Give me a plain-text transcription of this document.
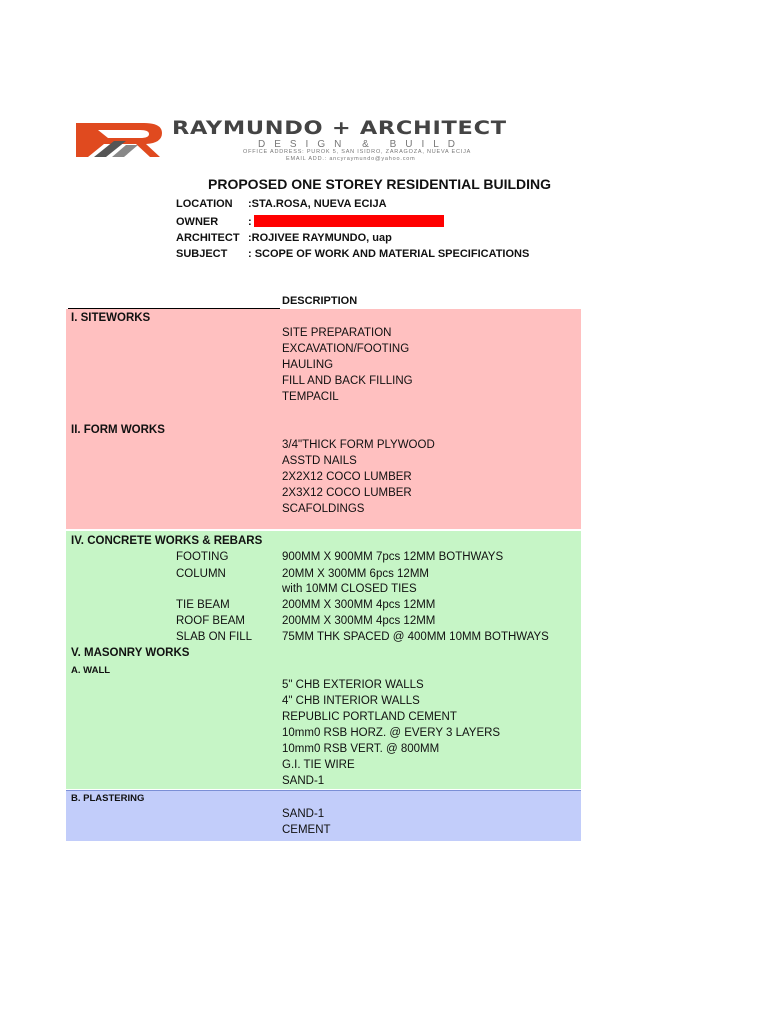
RAYMUNDO + ARCHITECT
DESIGN & BUILD
OFFICE ADDRESS: PUROK 5, SAN ISIDRO, ZARAGOZA, NUEVA ECIJA
EMAIL ADD.: ancyraymundo@yahoo.com
PROPOSED ONE STOREY RESIDENTIAL BUILDING
LOCATION :STA.ROSA, NUEVA ECIJA
OWNER	:
ARCHITECT :ROJIVEE RAYMUNDO, uap
SUBJECT : SCOPE OF WORK AND MATERIAL SPECIFICATIONS
DESCRIPTION
I. SITEWORKS
SITE PREPARATION
EXCAVATION/FOOTING
HAULING
FILL AND BACK FILLING
TEMPACIL
II. FORM WORKS
3/4"THICK FORM PLYWOOD
ASSTD NAILS
2X2X12 COCO LUMBER
2X3X12 COCO LUMBER
SCAFOLDINGS
IV. CONCRETE WORKS & REBARS
FOOTING	900MM X 900MM 7pcs 12MM BOTHWAYS
COLUMN	20MM X 300MM 6pcs 12MM
with 10MM CLOSED TIES
TIE BEAM	200MM X 300MM 4pcs 12MM
ROOF BEAM	200MM X 300MM 4pcs 12MM
SLAB ON FILL	75MM THK SPACED @ 400MM 10MM BOTHWAYS
V. MASONRY WORKS
A. WALL
5" CHB EXTERIOR WALLS
4" CHB INTERIOR WALLS
REPUBLIC PORTLAND CEMENT
10mm0 RSB HORZ. @ EVERY 3 LAYERS
10mm0 RSB VERT. @ 800MM
G.I. TIE WIRE
SAND-1
B. PLASTERING
SAND-1
CEMENT
